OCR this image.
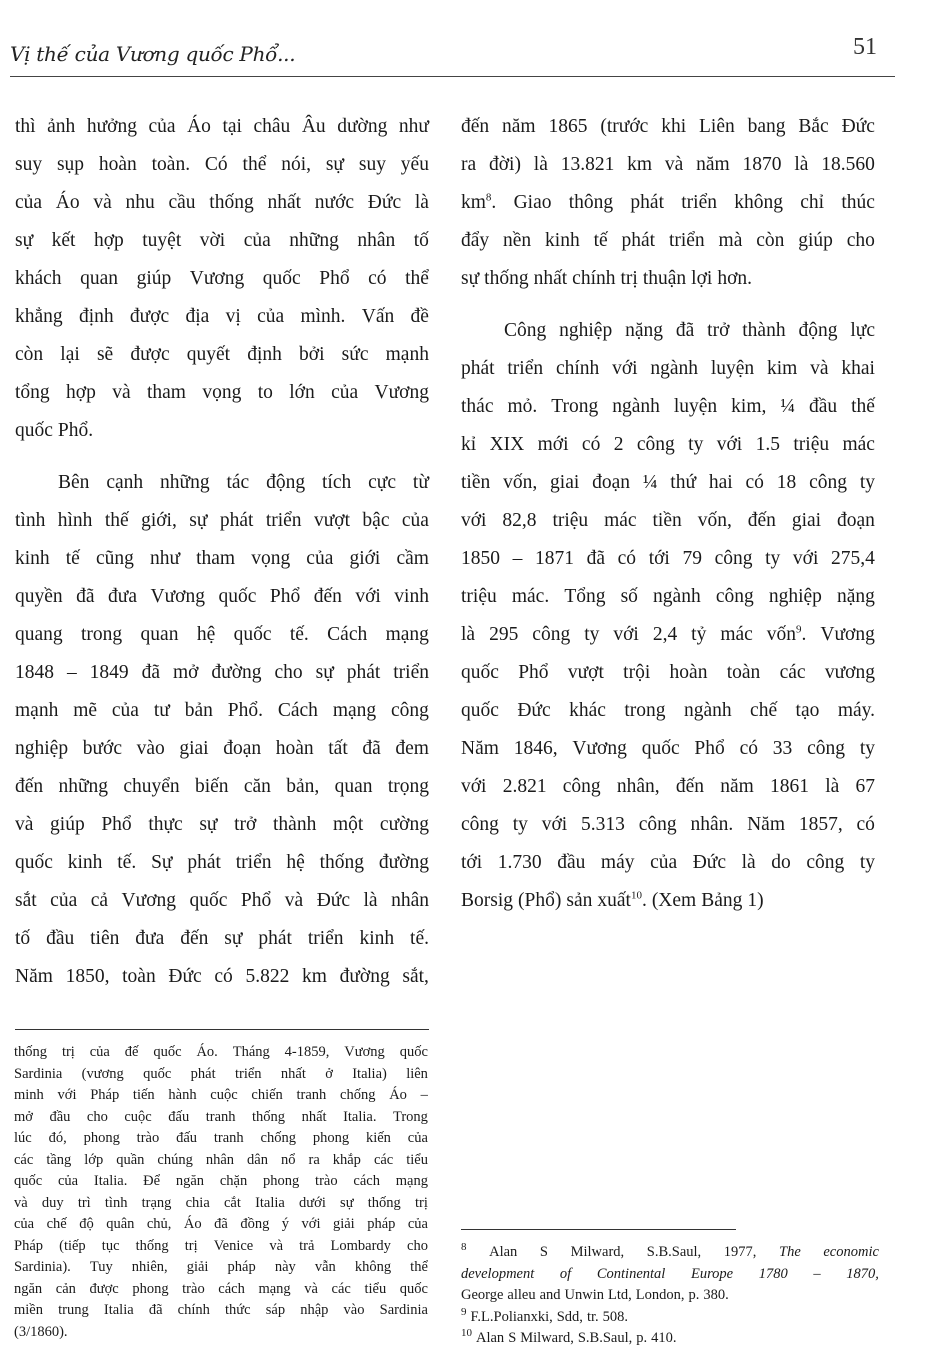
Vị thế của Vương quốc Phổ...	51
thì ảnh hưởng của Áo tại châu Âu dường như
suy sụp hoàn toàn. Có thể nói, sự suy yếu
của Áo và nhu cầu thống nhất nước Đức là
sự kết hợp tuyệt vời của những nhân tố
khách quan giúp Vương quốc Phổ có thể
khẳng định được địa vị của mình. Vấn đề
còn lại sẽ được quyết định bởi sức mạnh
tổng hợp và tham vọng to lớn của Vương
quốc Phổ.
Bên cạnh những tác động tích cực từ
tình hình thế giới, sự phát triển vượt bậc của
kinh tế cũng như tham vọng của giới cầm
quyền đã đưa Vương quốc Phổ đến với vinh
quang trong quan hệ quốc tế. Cách mạng
1848 – 1849 đã mở đường cho sự phát triển
mạnh mẽ của tư bản Phổ. Cách mạng công
nghiệp bước vào giai đoạn hoàn tất đã đem
đến những chuyển biến căn bản, quan trọng
và giúp Phổ thực sự trở thành một cường
quốc kinh tế. Sự phát triển hệ thống đường
sắt của cả Vương quốc Phổ và Đức là nhân
tố đầu tiên đưa đến sự phát triển kinh tế.
Năm 1850, toàn Đức có 5.822 km đường sắt,
đến năm 1865 (trước khi Liên bang Bắc Đức
ra đời) là 13.821 km và năm 1870 là 18.560
$km^8$. Giao thông phát triển không chỉ thúc
đẩy nền kinh tế phát triển mà còn giúp cho
sự thống nhất chính trị thuận lợi hơn.
Công nghiệp nặng đã trở thành động lực
phát triển chính với ngành luyện kim và khai
thác mỏ. Trong ngành luyện kim, ¼ đầu thế
kỉ XIX mới có 2 công ty với 1.5 triệu mác
tiền vốn, giai đoạn ¼ thứ hai có 18 công ty
với 82,8 triệu mác tiền vốn, đến giai đoạn
1850 – 1871 đã có tới 79 công ty với 275,4
triệu mác. Tổng số ngành công nghiệp nặng
là 295 công ty với 2,4 tỷ mác vốn$^9$. Vương
quốc Phổ vượt trội hoàn toàn các vương
quốc Đức khác trong ngành chế tạo máy.
Năm 1846, Vương quốc Phổ có 33 công ty
với 2.821 công nhân, đến năm 1861 là 67
công ty với 5.313 công nhân. Năm 1857, có
tới 1.730 đầu máy của Đức là do công ty
Borsig (Phổ) sản xuất$^{10}$. (Xem Bảng 1)
thống trị của đế quốc Áo. Tháng 4-1859, Vương quốc
Sardinia (vương quốc phát triển nhất ở Italia) liên
minh với Pháp tiến hành cuộc chiến tranh chống Áo –
mở đầu cho cuộc đấu tranh thống nhất Italia. Trong
lúc đó, phong trào đấu tranh chống phong kiến của
các tầng lớp quần chúng nhân dân nổ ra khắp các tiểu
quốc của Italia. Để ngăn chặn phong trào cách mạng
và duy trì tình trạng chia cắt Italia dưới sự thống trị
của chế độ quân chủ, Áo đã đồng ý với giải pháp của
Pháp (tiếp tục thống trị Venice và trả Lombardy cho
Sardinia). Tuy nhiên, giải pháp này vẫn không thể
ngăn cản được phong trào cách mạng và các tiểu quốc
miền trung Italia đã chính thức sáp nhập vào Sardinia
(3/1860).
$^8$ Alan S Milward, S.B.Saul, 1977, The economic
development of Continental Europe 1780 – 1870,
George alleu and Unwin Ltd, London, p. 380.
$^9$ F.L.Polianxki, Sdd, tr. 508.
$^{10}$ Alan S Milward, S.B.Saul, p. 410.
